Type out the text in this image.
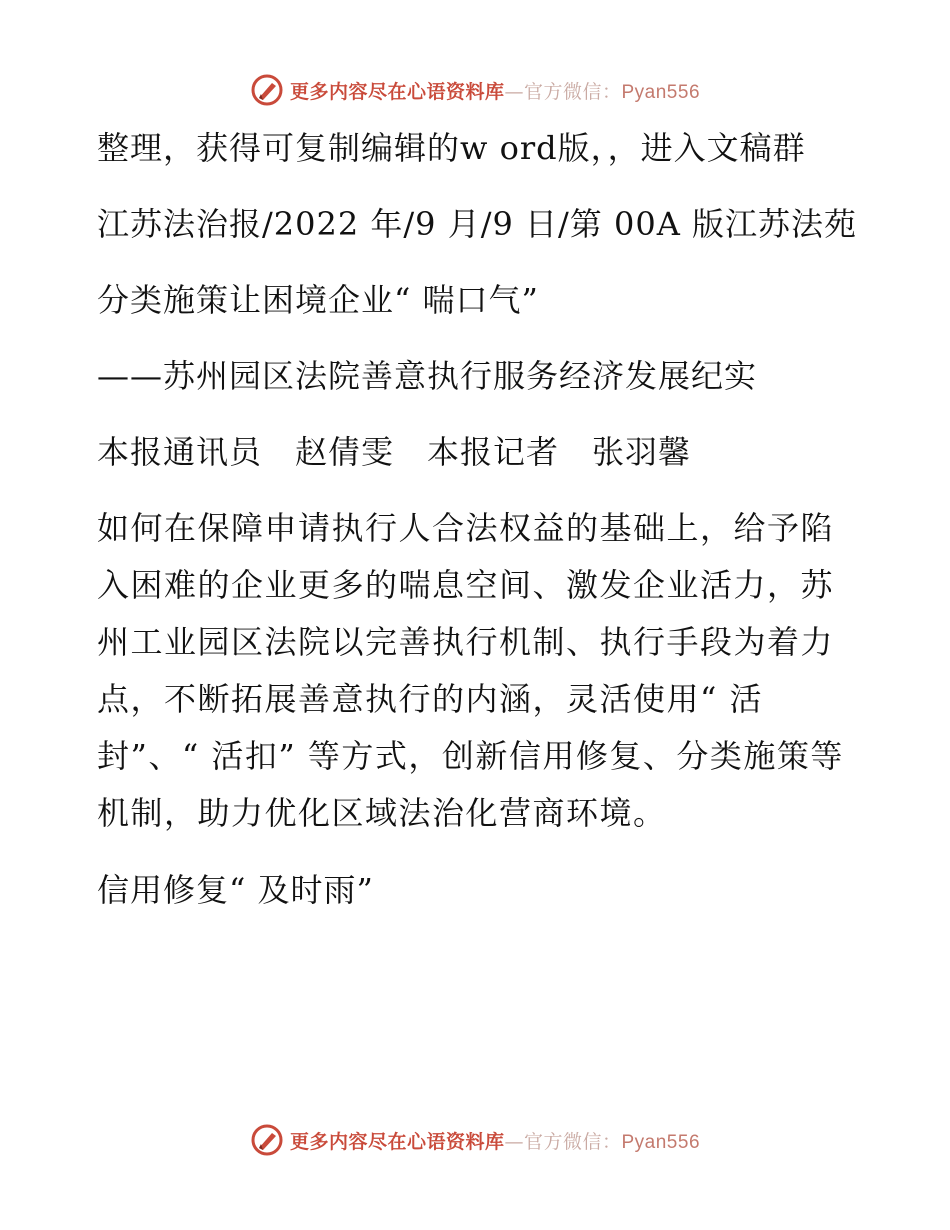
更多内容尽在心语资料库—官方微信：Pyan556

整理，获得可复制编辑的w ord版，，进入文稿群

江苏法治报/2022 年/9 月/9 日/第 00A 版江苏法苑

分类施策让困境企业“ 喘口气”

——苏州园区法院善意执行服务经济发展纪实

本报通讯员　赵倩雯　本报记者　张羽馨

如何在保障申请执行人合法权益的基础上，给予陷入困难的企业更多的喘息空间、激发企业活力，苏州工业园区法院以完善执行机制、执行手段为着力点，不断拓展善意执行的内涵，灵活使用“ 活封”、“ 活扣” 等方式，创新信用修复、分类施策等机制，助力优化区域法治化营商环境。

信用修复“ 及时雨”

更多内容尽在心语资料库—官方微信：Pyan556
